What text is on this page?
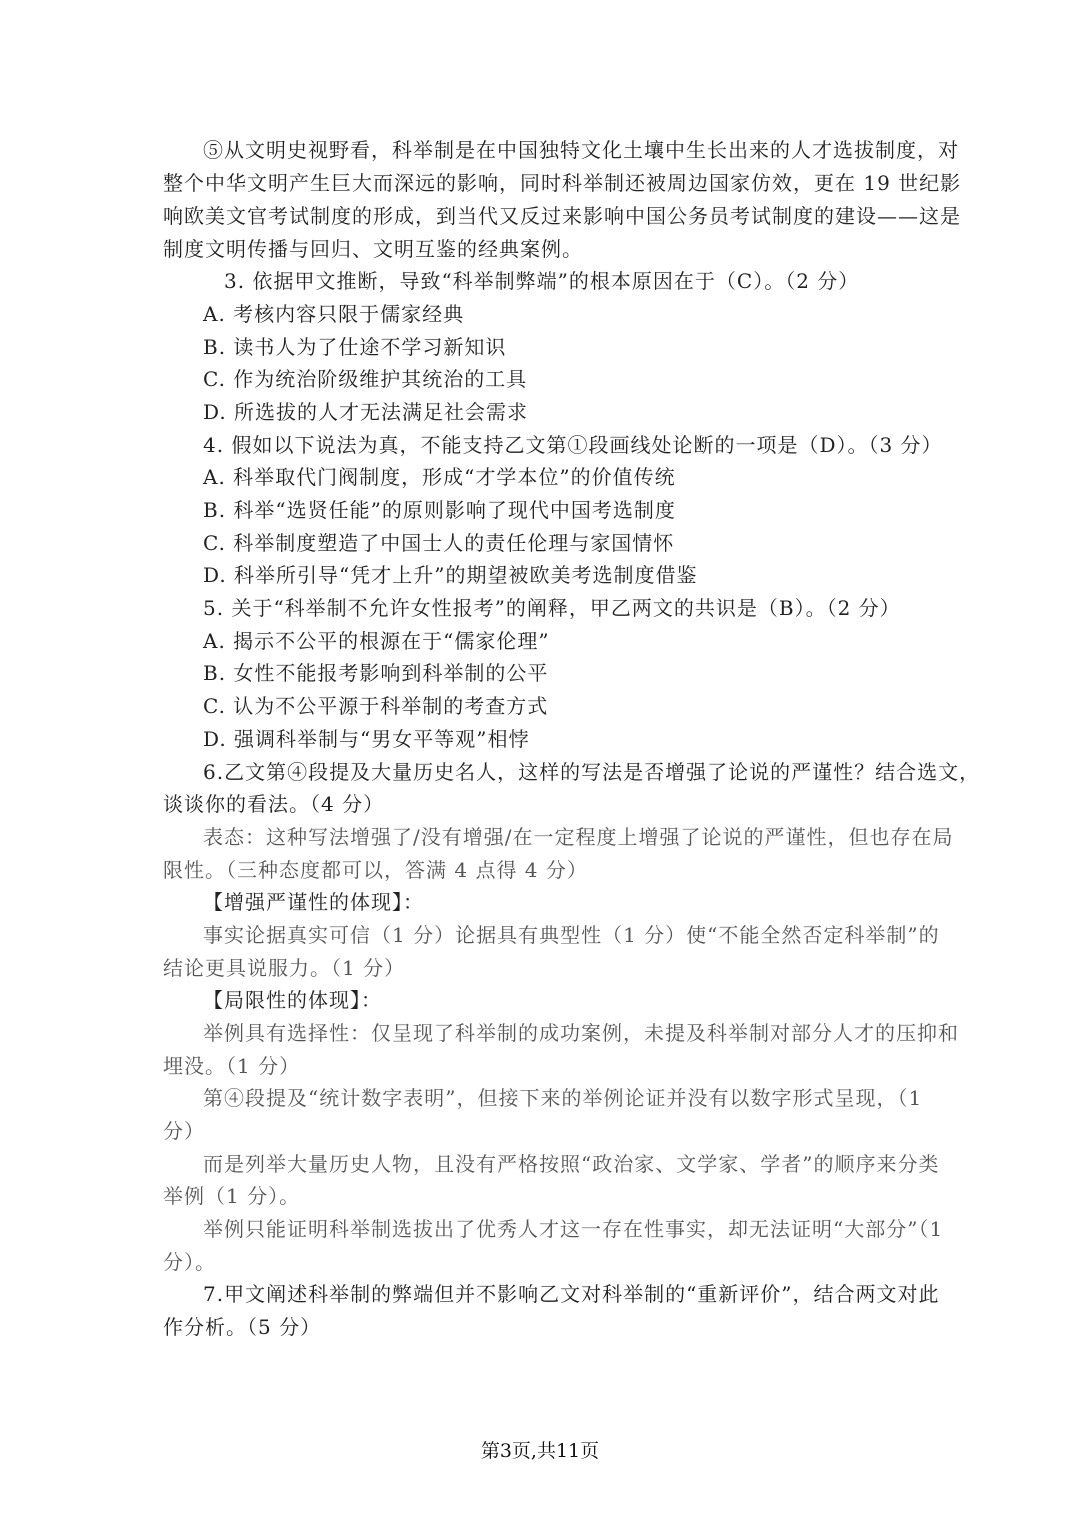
⑤从文明史视野看，科举制是在中国独特文化土壤中生长出来的人才选拔制度，对
整个中华文明产生巨大而深远的影响，同时科举制还被周边国家仿效，更在 19 世纪影
响欧美文官考试制度的形成，到当代又反过来影响中国公务员考试制度的建设——这是
制度文明传播与回归、文明互鉴的经典案例。
3. 依据甲文推断，导致“科举制弊端”的根本原因在于（C）。（2 分）
A. 考核内容只限于儒家经典
B. 读书人为了仕途不学习新知识
C. 作为统治阶级维护其统治的工具
D. 所选拔的人才无法满足社会需求
4. 假如以下说法为真，不能支持乙文第①段画线处论断的一项是（D）。（3 分）
A. 科举取代门阀制度，形成“才学本位”的价值传统
B. 科举“选贤任能”的原则影响了现代中国考选制度
C. 科举制度塑造了中国士人的责任伦理与家国情怀
D. 科举所引导“凭才上升”的期望被欧美考选制度借鉴
5. 关于“科举制不允许女性报考”的阐释，甲乙两文的共识是（B）。（2 分）
A. 揭示不公平的根源在于“儒家伦理”
B. 女性不能报考影响到科举制的公平
C. 认为不公平源于科举制的考查方式
D. 强调科举制与“男女平等观”相悖
6.乙文第④段提及大量历史名人，这样的写法是否增强了论说的严谨性？结合选文，
谈谈你的看法。（4 分）
表态：这种写法增强了/没有增强/在一定程度上增强了论说的严谨性，但也存在局
限性。（三种态度都可以，答满 4 点得 4 分）
【增强严谨性的体现】：
事实论据真实可信（1 分）论据具有典型性（1 分）使“不能全然否定科举制”的
结论更具说服力。（1 分）
【局限性的体现】：
举例具有选择性：仅呈现了科举制的成功案例，未提及科举制对部分人才的压抑和
埋没。（1 分）
第④段提及“统计数字表明”，但接下来的举例论证并没有以数字形式呈现，（1
分）
而是列举大量历史人物，且没有严格按照“政治家、文学家、学者”的顺序来分类
举例（1 分）。
举例只能证明科举制选拔出了优秀人才这一存在性事实，却无法证明“大部分”（1
分）。
7.甲文阐述科举制的弊端但并不影响乙文对科举制的“重新评价”，结合两文对此
作分析。（5 分）
第3页,共11页
